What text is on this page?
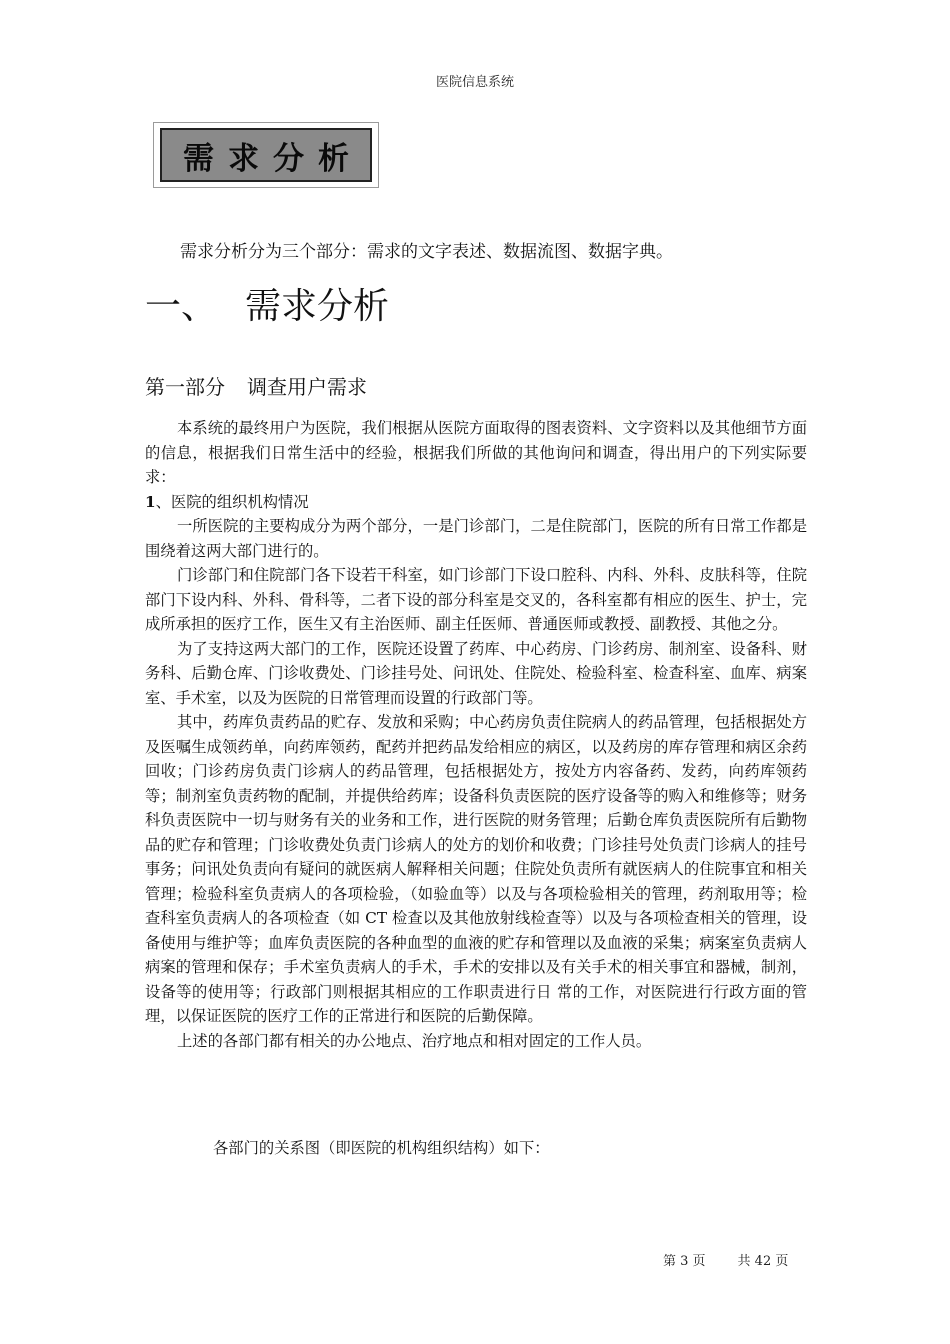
医院信息系统
需求分析
需求分析分为三个部分：需求的文字表述、数据流图、数据字典。
一、 需求分析
第一部分 调查用户需求

本系统的最终用户为医院，我们根据从医院方面取得的图表资料、文字资料以及其他细节方面的信息，根据我们日常生活中的经验，根据我们所做的其他询问和调查，得出用户的下列实际要求：

1、医院的组织机构情况

一所医院的主要构成分为两个部分，一是门诊部门，二是住院部门，医院的所有日常工作都是围绕着这两大部门进行的。

门诊部门和住院部门各下设若干科室，如门诊部门下设口腔科、内科、外科、皮肤科等，住院部门下设内科、外科、骨科等，二者下设的部分科室是交叉的，各科室都有相应的医生、护士，完成所承担的医疗工作，医生又有主治医师、副主任医师、普通医师或教授、副教授、其他之分。

为了支持这两大部门的工作，医院还设置了药库、中心药房、门诊药房、制剂室、设备科、财务科、后勤仓库、门诊收费处、门诊挂号处、问讯处、住院处、检验科室、检查科室、血库、病案室、手术室，以及为医院的日常管理而设置的行政部门等。

其中，药库负责药品的贮存、发放和采购；中心药房负责住院病人的药品管理，包括根据处方及医嘱生成领药单，向药库领药，配药并把药品发给相应的病区，以及药房的库存管理和病区余药回收；门诊药房负责门诊病人的药品管理，包括根据处方，按处方内容备药、发药，向药库领药等；制剂室负责药物的配制，并提供给药库；设备科负责医院的医疗设备等的购入和维修等；财务科负责医院中一切与财务有关的业务和工作，进行医院的财务管理；后勤仓库负责医院所有后勤物品的贮存和管理；门诊收费处负责门诊病人的处方的划价和收费；门诊挂号处负责门诊病人的挂号事务；问讯处负责向有疑问的就医病人解释相关问题；住院处负责所有就医病人的住院事宜和相关管理；检验科室负责病人的各项检验，（如验血等）以及与各项检验相关的管理，药剂取用等；检查科室负责病人的各项检查（如 CT 检查以及其他放射线检查等）以及与各项检查相关的管理，设备使用与维护等；血库负责医院的各种血型的血液的贮存和管理以及血液的采集；病案室负责病人病案的管理和保存；手术室负责病人的手术，手术的安排以及有关手术的相关事宜和器械，制剂，设备等的使用等；行政部门则根据其相应的工作职责进行日 常的工作，对医院进行行政方面的管理，以保证医院的医疗工作的正常进行和医院的后勤保障。

上述的各部门都有相关的办公地点、治疗地点和相对固定的工作人员。

各部门的关系图（即医院的机构组织结构）如下：
第 3 页 共 42 页
